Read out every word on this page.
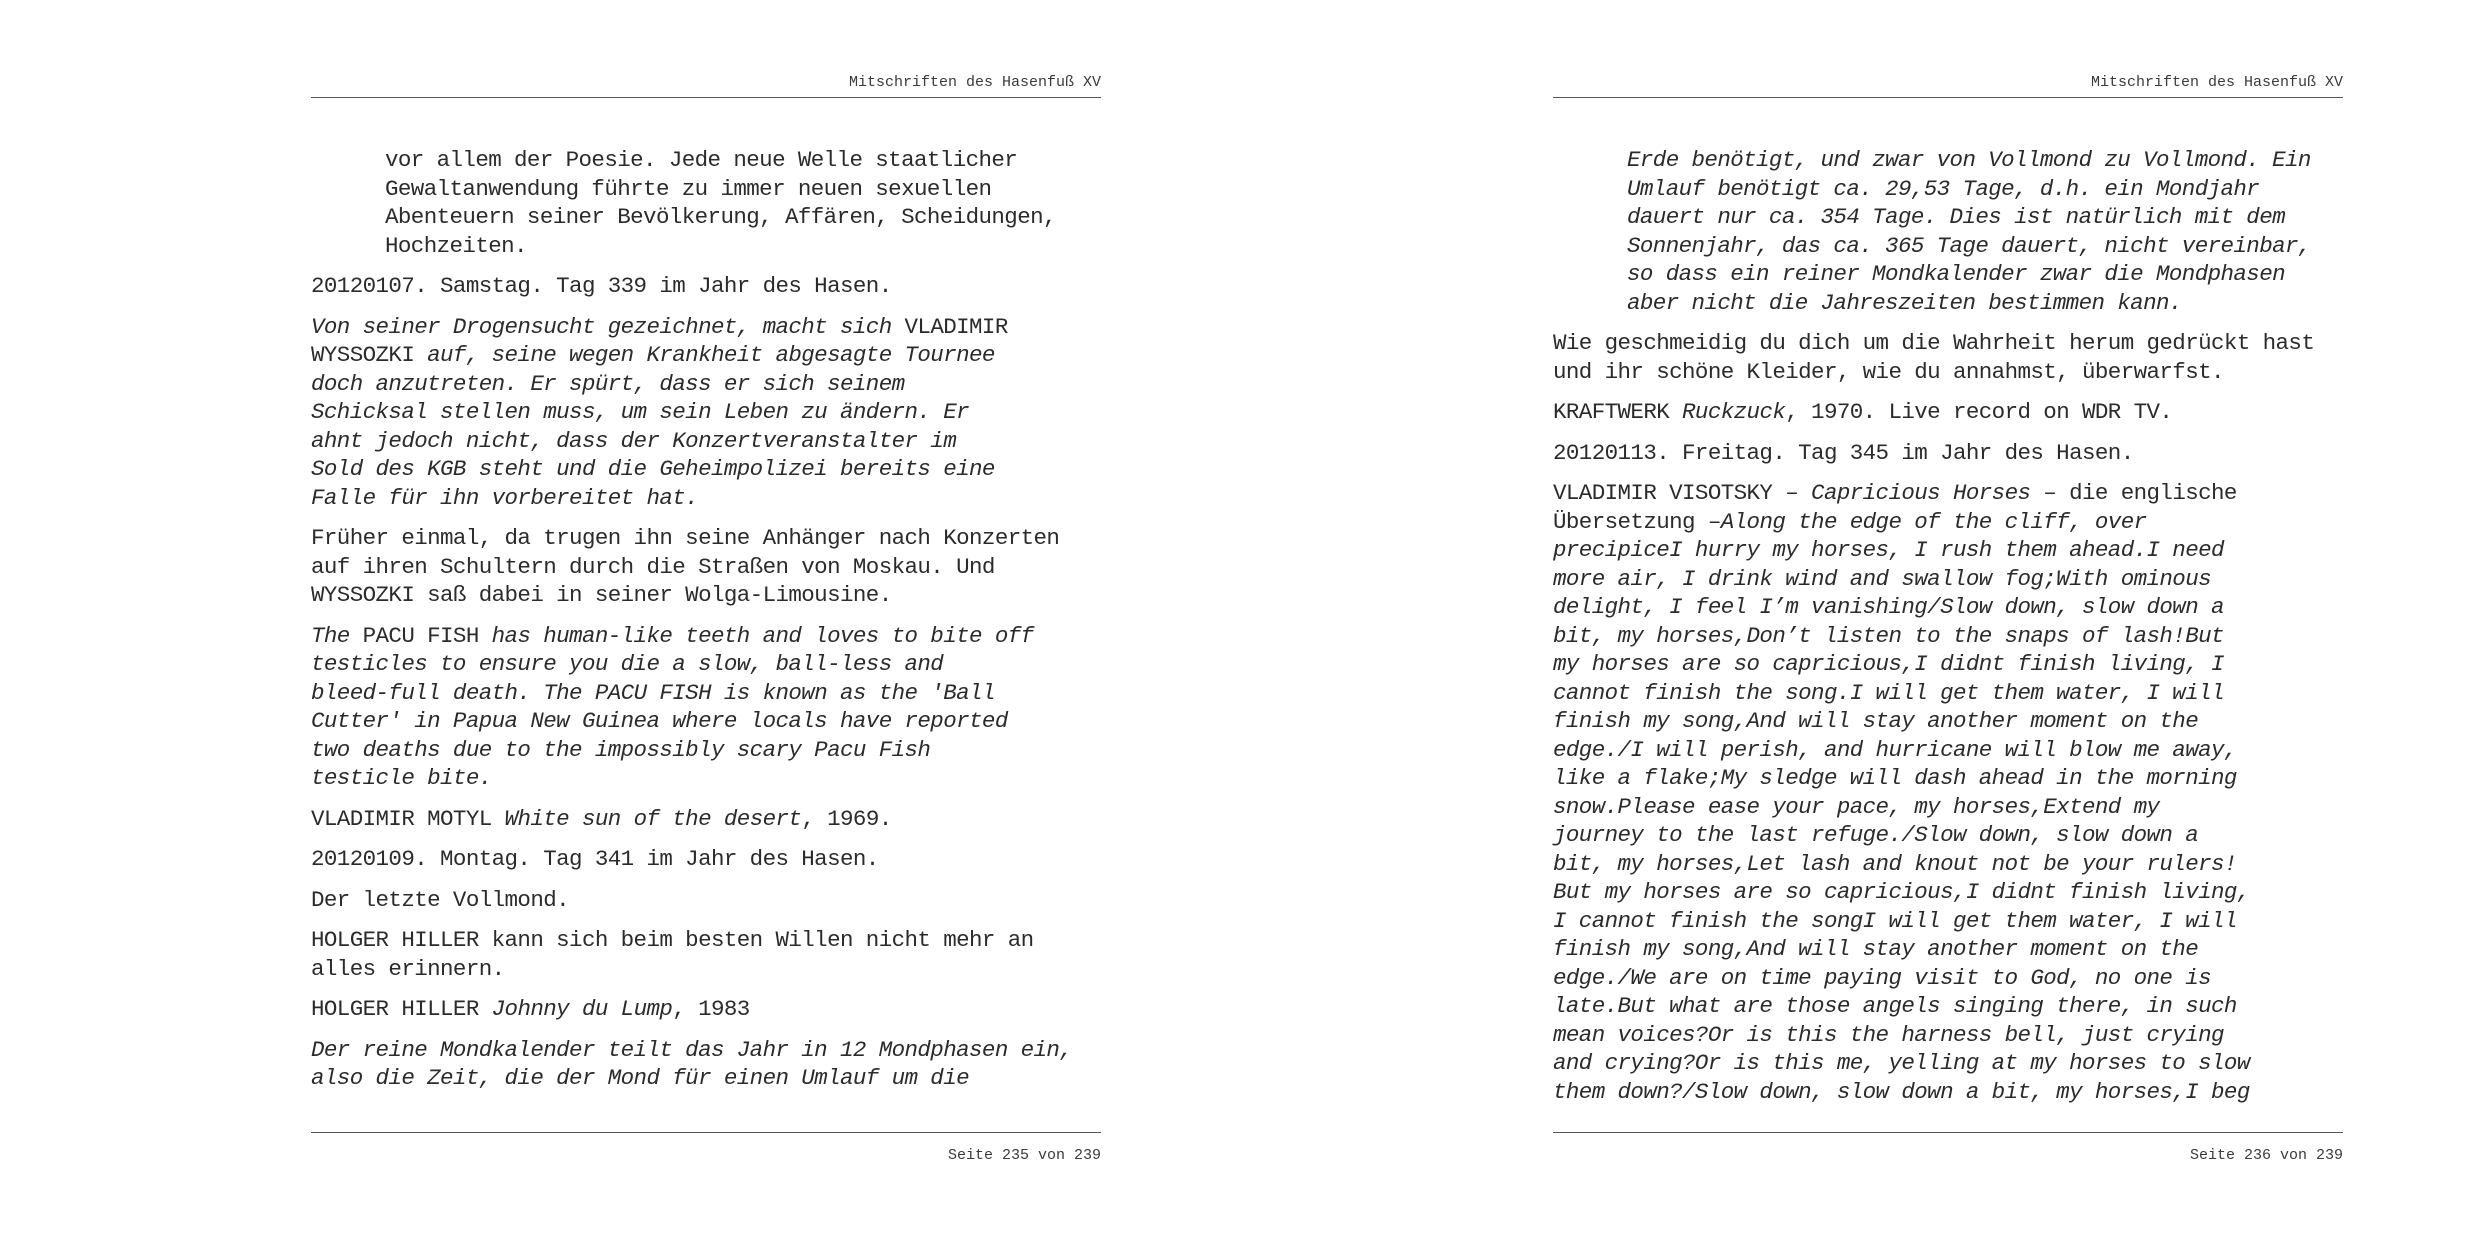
Mitschriften des Hasenfuß XV
vor allem der Poesie. Jede neue Welle staatlicher
Gewaltanwendung führte zu immer neuen sexuellen
Abenteuern seiner Bevölkerung, Affären, Scheidungen,
Hochzeiten.
20120107. Samstag. Tag 339 im Jahr des Hasen.
Von seiner Drogensucht gezeichnet, macht sich VLADIMIR
WYSSOZKI auf, seine wegen Krankheit abgesagte Tournee
doch anzutreten. Er spürt, dass er sich seinem
Schicksal stellen muss, um sein Leben zu ändern. Er
ahnt jedoch nicht, dass der Konzertveranstalter im
Sold des KGB steht und die Geheimpolizei bereits eine
Falle für ihn vorbereitet hat.
Früher einmal, da trugen ihn seine Anhänger nach Konzerten
auf ihren Schultern durch die Straßen von Moskau. Und
WYSSOZKI saß dabei in seiner Wolga-Limousine.
The PACU FISH has human-like teeth and loves to bite off
testicles to ensure you die a slow, ball-less and
bleed-full death. The PACU FISH is known as the 'Ball
Cutter' in Papua New Guinea where locals have reported
two deaths due to the impossibly scary Pacu Fish
testicle bite.
VLADIMIR MOTYL White sun of the desert, 1969.
20120109. Montag. Tag 341 im Jahr des Hasen.
Der letzte Vollmond.
HOLGER HILLER kann sich beim besten Willen nicht mehr an
alles erinnern.
HOLGER HILLER Johnny du Lump, 1983
Der reine Mondkalender teilt das Jahr in 12 Mondphasen ein,
also die Zeit, die der Mond für einen Umlauf um die
Seite 235 von 239
Mitschriften des Hasenfuß XV
Erde benötigt, und zwar von Vollmond zu Vollmond. Ein
Umlauf benötigt ca. 29,53 Tage, d.h. ein Mondjahr
dauert nur ca. 354 Tage. Dies ist natürlich mit dem
Sonnenjahr, das ca. 365 Tage dauert, nicht vereinbar,
so dass ein reiner Mondkalender zwar die Mondphasen
aber nicht die Jahreszeiten bestimmen kann.
Wie geschmeidig du dich um die Wahrheit herum gedrückt hast
und ihr schöne Kleider, wie du annahmst, überwarfst.
KRAFTWERK Ruckzuck, 1970. Live record on WDR TV.
20120113. Freitag. Tag 345 im Jahr des Hasen.
VLADIMIR VISOTSKY – Capricious Horses – die englische
Übersetzung –Along the edge of the cliff, over
precipiceI hurry my horses, I rush them ahead.I need
more air, I drink wind and swallow fog;With ominous
delight, I feel I’m vanishing/Slow down, slow down a
bit, my horses,Don’t listen to the snaps of lash!But
my horses are so capricious,I didnt finish living, I
cannot finish the song.I will get them water, I will
finish my song,And will stay another moment on the
edge./I will perish, and hurricane will blow me away,
like a flake;My sledge will dash ahead in the morning
snow.Please ease your pace, my horses,Extend my
journey to the last refuge./Slow down, slow down a
bit, my horses,Let lash and knout not be your rulers!
But my horses are so capricious,I didnt finish living,
I cannot finish the songI will get them water, I will
finish my song,And will stay another moment on the
edge./We are on time paying visit to God, no one is
late.But what are those angels singing there, in such
mean voices?Or is this the harness bell, just crying
and crying?Or is this me, yelling at my horses to slow
them down?/Slow down, slow down a bit, my horses,I beg
Seite 236 von 239
